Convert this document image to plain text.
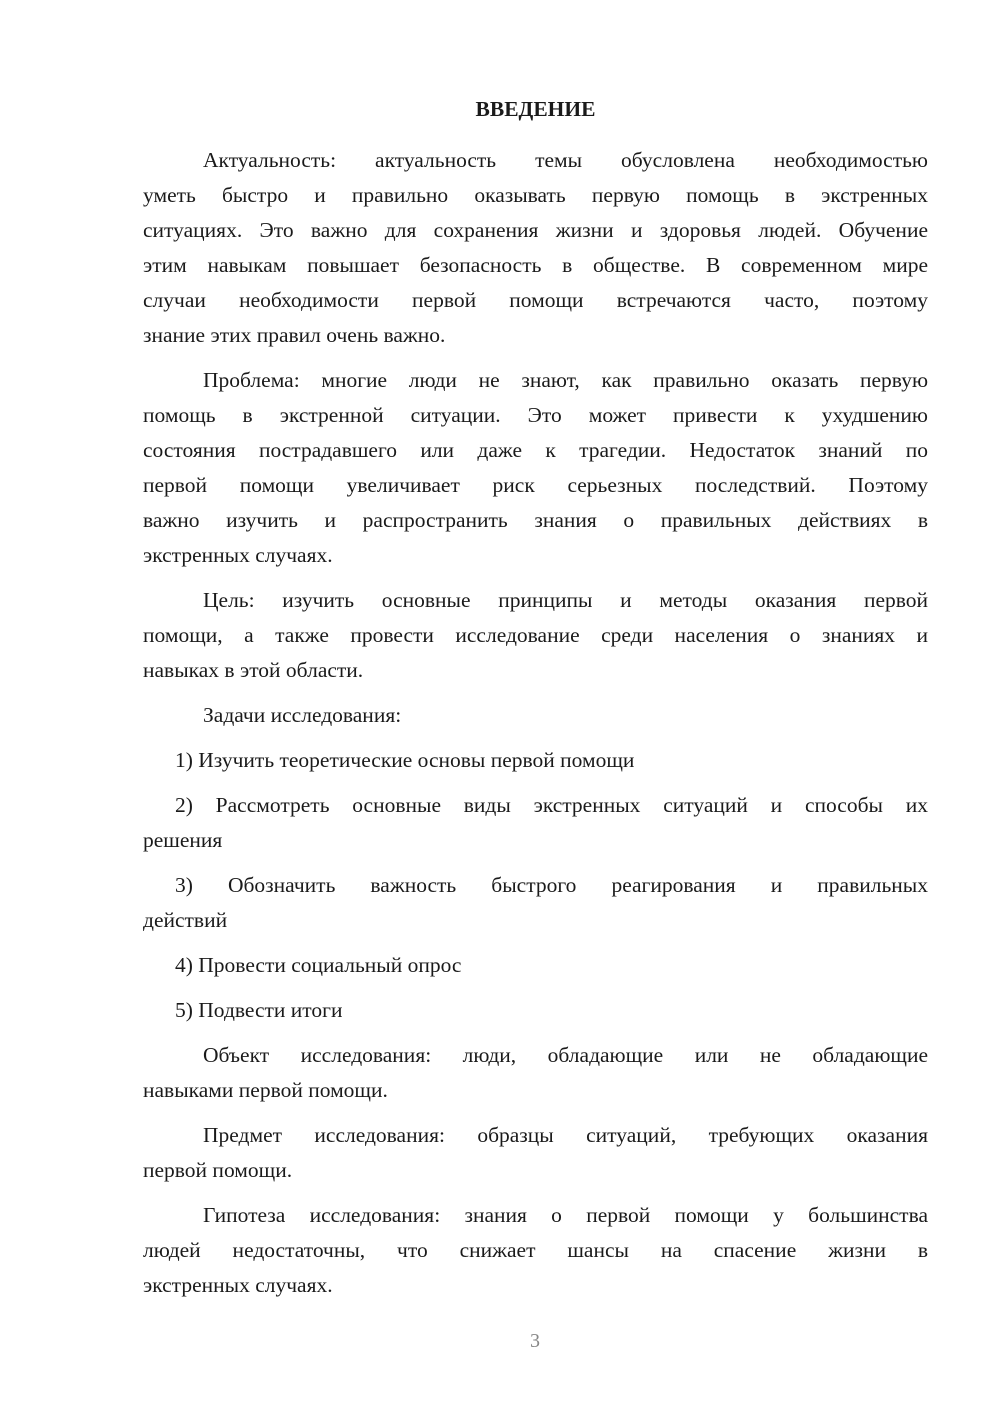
ВВЕДЕНИЕ
Актуальность: актуальность темы обусловлена необходимостью
уметь быстро и правильно оказывать первую помощь в экстренных
ситуациях. Это важно для сохранения жизни и здоровья людей. Обучение
этим навыкам повышает безопасность в обществе. В современном мире
случаи необходимости первой помощи встречаются часто, поэтому
знание этих правил очень важно.
Проблема: многие люди не знают, как правильно оказать первую
помощь в экстренной ситуации. Это может привести к ухудшению
состояния пострадавшего или даже к трагедии. Недостаток знаний по
первой помощи увеличивает риск серьезных последствий. Поэтому
важно изучить и распространить знания о правильных действиях в
экстренных случаях.
Цель: изучить основные принципы и методы оказания первой
помощи, а также провести исследование среди населения о знаниях и
навыках в этой области.
Задачи исследования:
1) Изучить теоретические основы первой помощи
2) Рассмотреть основные виды экстренных ситуаций и способы их
решения
3) Обозначить важность быстрого реагирования и правильных
действий
4) Провести социальный опрос
5) Подвести итоги
Объект исследования: люди, обладающие или не обладающие
навыками первой помощи.
Предмет исследования: образцы ситуаций, требующих оказания
первой помощи.
Гипотеза исследования: знания о первой помощи у большинства
людей недостаточны, что снижает шансы на спасение жизни в
экстренных случаях.
3
